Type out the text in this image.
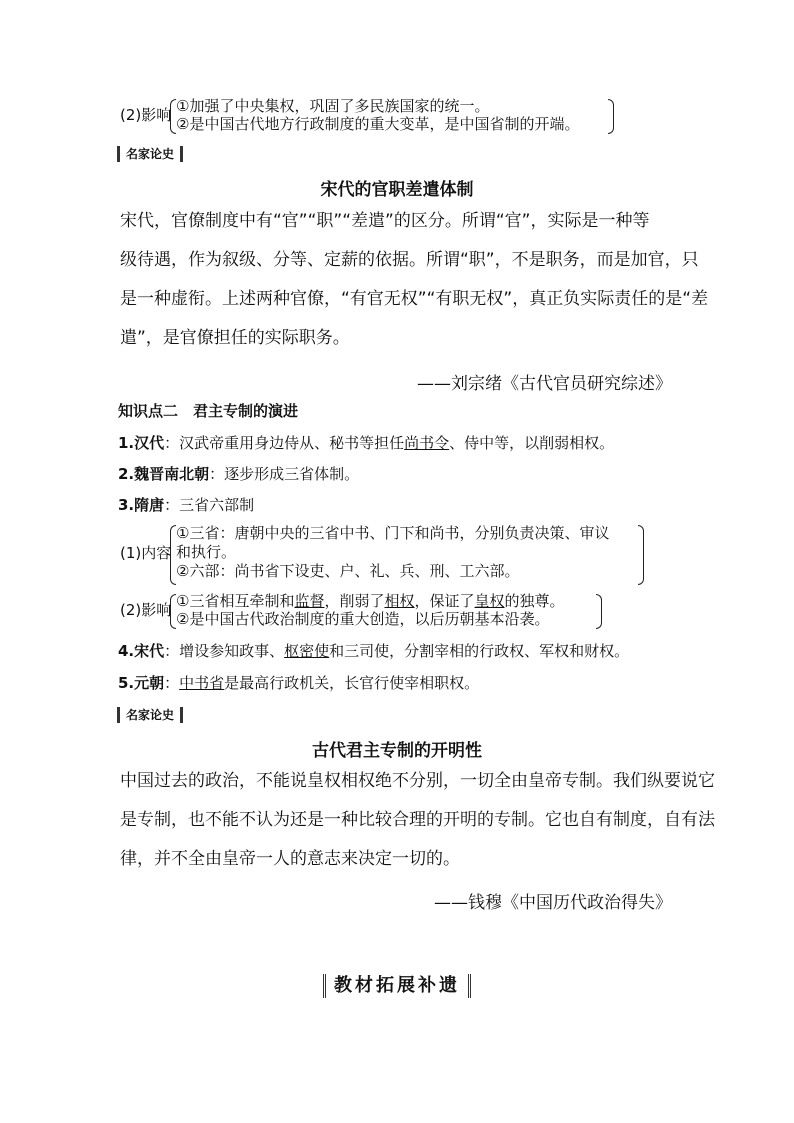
(2)影响 ①加强了中央集权，巩固了多民族国家的统一。
②是中国古代地方行政制度的重大变革，是中国省制的开端。
名家论史
宋代的官职差遣体制

宋代，官僚制度中有“官”“职”“差遣”的区分。所谓“官”，实际是一种等

级待遇，作为叙级、分等、定薪的依据。所谓“职”，不是职务，而是加官，只

是一种虚衔。上述两种官僚，“有官无权”“有职无权”，真正负实际责任的是“差

遣”，是官僚担任的实际职务。

——刘宗绪《古代官员研究综述》
知识点二　君主专制的演进
1.汉代：汉武帝重用身边侍从、秘书等担任尚书令、侍中等，以削弱相权。
2.魏晋南北朝：逐步形成三省体制。
3.隋唐：三省六部制
(1)内容
①三省：唐朝中央的三省中书、门下和尚书，分别负责决策、审议
和执行。
②六部：尚书省下设吏、户、礼、兵、刑、工六部。
(2)影响 ①三省相互牵制和监督，削弱了相权，保证了皇权的独尊。
②是中国古代政治制度的重大创造，以后历朝基本沿袭。
4.宋代：增设参知政事、枢密使和三司使，分割宰相的行政权、军权和财权。
5.元朝：中书省是最高行政机关，长官行使宰相职权。
名家论史
古代君主专制的开明性

中国过去的政治，不能说皇权相权绝不分别，一切全由皇帝专制。我们纵要说它

是专制，也不能不认为还是一种比较合理的开明的专制。它也自有制度，自有法

律，并不全由皇帝一人的意志来决定一切的。

——钱穆《中国历代政治得失》
教材拓展补遗
